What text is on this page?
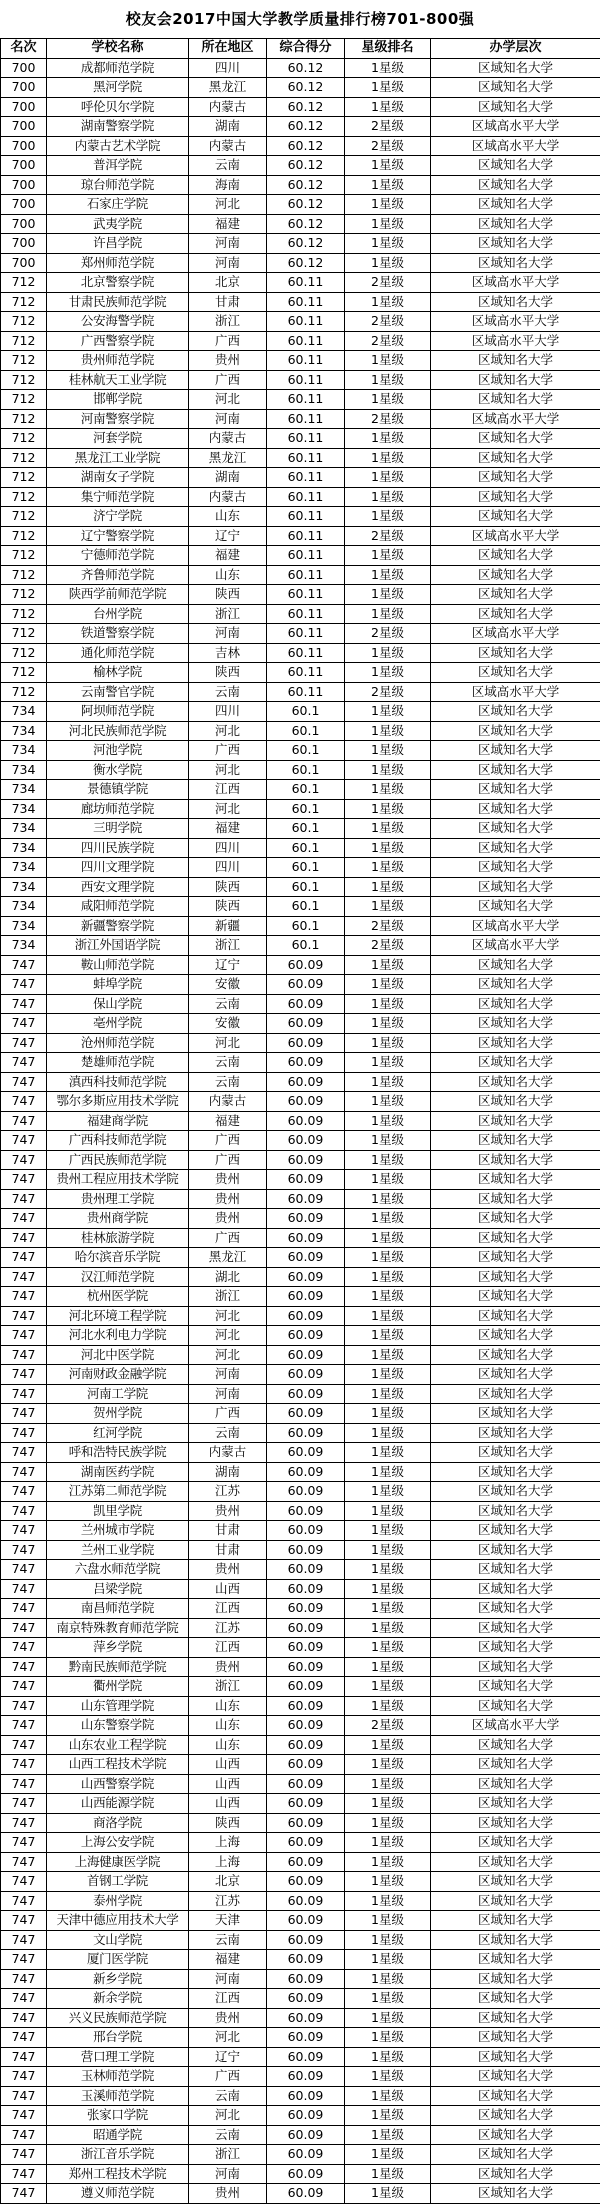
校友会2017中国大学教学质量排行榜701-800强
名次	学校名称	所在地区	综合得分	星级排名	办学层次
700	成都师范学院	四川	60.12	1星级	区域知名大学
700	黑河学院	黑龙江	60.12	1星级	区域知名大学
700	呼伦贝尔学院	内蒙古	60.12	1星级	区域知名大学
700	湖南警察学院	湖南	60.12	2星级	区域高水平大学
700	内蒙古艺术学院	内蒙古	60.12	2星级	区域高水平大学
700	普洱学院	云南	60.12	1星级	区域知名大学
700	琼台师范学院	海南	60.12	1星级	区域知名大学
700	石家庄学院	河北	60.12	1星级	区域知名大学
700	武夷学院	福建	60.12	1星级	区域知名大学
700	许昌学院	河南	60.12	1星级	区域知名大学
700	郑州师范学院	河南	60.12	1星级	区域知名大学
712	北京警察学院	北京	60.11	2星级	区域高水平大学
712	甘肃民族师范学院	甘肃	60.11	1星级	区域知名大学
712	公安海警学院	浙江	60.11	2星级	区域高水平大学
712	广西警察学院	广西	60.11	2星级	区域高水平大学
712	贵州师范学院	贵州	60.11	1星级	区域知名大学
712	桂林航天工业学院	广西	60.11	1星级	区域知名大学
712	邯郸学院	河北	60.11	1星级	区域知名大学
712	河南警察学院	河南	60.11	2星级	区域高水平大学
712	河套学院	内蒙古	60.11	1星级	区域知名大学
712	黑龙江工业学院	黑龙江	60.11	1星级	区域知名大学
712	湖南女子学院	湖南	60.11	1星级	区域知名大学
712	集宁师范学院	内蒙古	60.11	1星级	区域知名大学
712	济宁学院	山东	60.11	1星级	区域知名大学
712	辽宁警察学院	辽宁	60.11	2星级	区域高水平大学
712	宁德师范学院	福建	60.11	1星级	区域知名大学
712	齐鲁师范学院	山东	60.11	1星级	区域知名大学
712	陕西学前师范学院	陕西	60.11	1星级	区域知名大学
712	台州学院	浙江	60.11	1星级	区域知名大学
712	铁道警察学院	河南	60.11	2星级	区域高水平大学
712	通化师范学院	吉林	60.11	1星级	区域知名大学
712	榆林学院	陕西	60.11	1星级	区域知名大学
712	云南警官学院	云南	60.11	2星级	区域高水平大学
734	阿坝师范学院	四川	60.1	1星级	区域知名大学
734	河北民族师范学院	河北	60.1	1星级	区域知名大学
734	河池学院	广西	60.1	1星级	区域知名大学
734	衡水学院	河北	60.1	1星级	区域知名大学
734	景德镇学院	江西	60.1	1星级	区域知名大学
734	廊坊师范学院	河北	60.1	1星级	区域知名大学
734	三明学院	福建	60.1	1星级	区域知名大学
734	四川民族学院	四川	60.1	1星级	区域知名大学
734	四川文理学院	四川	60.1	1星级	区域知名大学
734	西安文理学院	陕西	60.1	1星级	区域知名大学
734	咸阳师范学院	陕西	60.1	1星级	区域知名大学
734	新疆警察学院	新疆	60.1	2星级	区域高水平大学
734	浙江外国语学院	浙江	60.1	2星级	区域高水平大学
747	鞍山师范学院	辽宁	60.09	1星级	区域知名大学
747	蚌埠学院	安徽	60.09	1星级	区域知名大学
747	保山学院	云南	60.09	1星级	区域知名大学
747	亳州学院	安徽	60.09	1星级	区域知名大学
747	沧州师范学院	河北	60.09	1星级	区域知名大学
747	楚雄师范学院	云南	60.09	1星级	区域知名大学
747	滇西科技师范学院	云南	60.09	1星级	区域知名大学
747	鄂尔多斯应用技术学院	内蒙古	60.09	1星级	区域知名大学
747	福建商学院	福建	60.09	1星级	区域知名大学
747	广西科技师范学院	广西	60.09	1星级	区域知名大学
747	广西民族师范学院	广西	60.09	1星级	区域知名大学
747	贵州工程应用技术学院	贵州	60.09	1星级	区域知名大学
747	贵州理工学院	贵州	60.09	1星级	区域知名大学
747	贵州商学院	贵州	60.09	1星级	区域知名大学
747	桂林旅游学院	广西	60.09	1星级	区域知名大学
747	哈尔滨音乐学院	黑龙江	60.09	1星级	区域知名大学
747	汉江师范学院	湖北	60.09	1星级	区域知名大学
747	杭州医学院	浙江	60.09	1星级	区域知名大学
747	河北环境工程学院	河北	60.09	1星级	区域知名大学
747	河北水利电力学院	河北	60.09	1星级	区域知名大学
747	河北中医学院	河北	60.09	1星级	区域知名大学
747	河南财政金融学院	河南	60.09	1星级	区域知名大学
747	河南工学院	河南	60.09	1星级	区域知名大学
747	贺州学院	广西	60.09	1星级	区域知名大学
747	红河学院	云南	60.09	1星级	区域知名大学
747	呼和浩特民族学院	内蒙古	60.09	1星级	区域知名大学
747	湖南医药学院	湖南	60.09	1星级	区域知名大学
747	江苏第二师范学院	江苏	60.09	1星级	区域知名大学
747	凯里学院	贵州	60.09	1星级	区域知名大学
747	兰州城市学院	甘肃	60.09	1星级	区域知名大学
747	兰州工业学院	甘肃	60.09	1星级	区域知名大学
747	六盘水师范学院	贵州	60.09	1星级	区域知名大学
747	吕梁学院	山西	60.09	1星级	区域知名大学
747	南昌师范学院	江西	60.09	1星级	区域知名大学
747	南京特殊教育师范学院	江苏	60.09	1星级	区域知名大学
747	萍乡学院	江西	60.09	1星级	区域知名大学
747	黔南民族师范学院	贵州	60.09	1星级	区域知名大学
747	衢州学院	浙江	60.09	1星级	区域知名大学
747	山东管理学院	山东	60.09	1星级	区域知名大学
747	山东警察学院	山东	60.09	2星级	区域高水平大学
747	山东农业工程学院	山东	60.09	1星级	区域知名大学
747	山西工程技术学院	山西	60.09	1星级	区域知名大学
747	山西警察学院	山西	60.09	1星级	区域知名大学
747	山西能源学院	山西	60.09	1星级	区域知名大学
747	商洛学院	陕西	60.09	1星级	区域知名大学
747	上海公安学院	上海	60.09	1星级	区域知名大学
747	上海健康医学院	上海	60.09	1星级	区域知名大学
747	首钢工学院	北京	60.09	1星级	区域知名大学
747	泰州学院	江苏	60.09	1星级	区域知名大学
747	天津中德应用技术大学	天津	60.09	1星级	区域知名大学
747	文山学院	云南	60.09	1星级	区域知名大学
747	厦门医学院	福建	60.09	1星级	区域知名大学
747	新乡学院	河南	60.09	1星级	区域知名大学
747	新余学院	江西	60.09	1星级	区域知名大学
747	兴义民族师范学院	贵州	60.09	1星级	区域知名大学
747	邢台学院	河北	60.09	1星级	区域知名大学
747	营口理工学院	辽宁	60.09	1星级	区域知名大学
747	玉林师范学院	广西	60.09	1星级	区域知名大学
747	玉溪师范学院	云南	60.09	1星级	区域知名大学
747	张家口学院	河北	60.09	1星级	区域知名大学
747	昭通学院	云南	60.09	1星级	区域知名大学
747	浙江音乐学院	浙江	60.09	1星级	区域知名大学
747	郑州工程技术学院	河南	60.09	1星级	区域知名大学
747	遵义师范学院	贵州	60.09	1星级	区域知名大学
